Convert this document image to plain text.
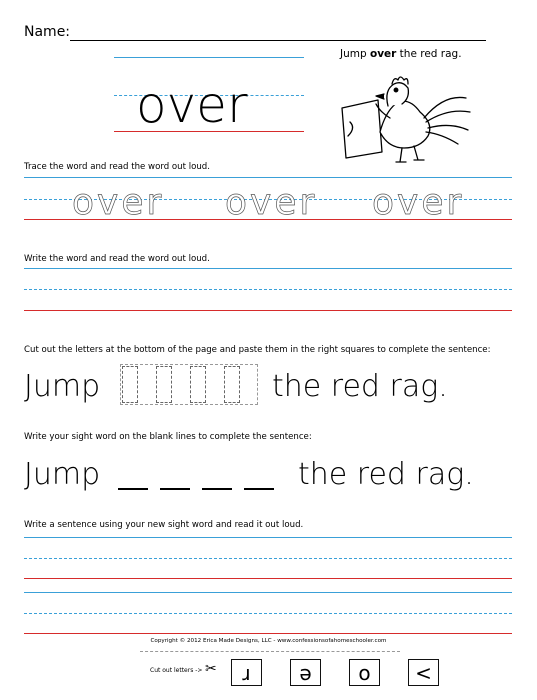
Name:
over
Jump over the red rag.
Trace the word and read the word out loud.
over over over
Write the word and read the word out loud.
Cut out the letters at the bottom of the page and paste them in the right squares to complete the sentence:
Jump	the red rag.
Write your sight word on the blank lines to complete the sentence:
Jump	the red rag.
Write a sentence using your new sight word and read it out loud.
Copyright © 2012 Erica Made Designs, LLC - www.confessionsofahomeschooler.com
Cut out letters -> ✂	ɹ	ǝ	o	<
